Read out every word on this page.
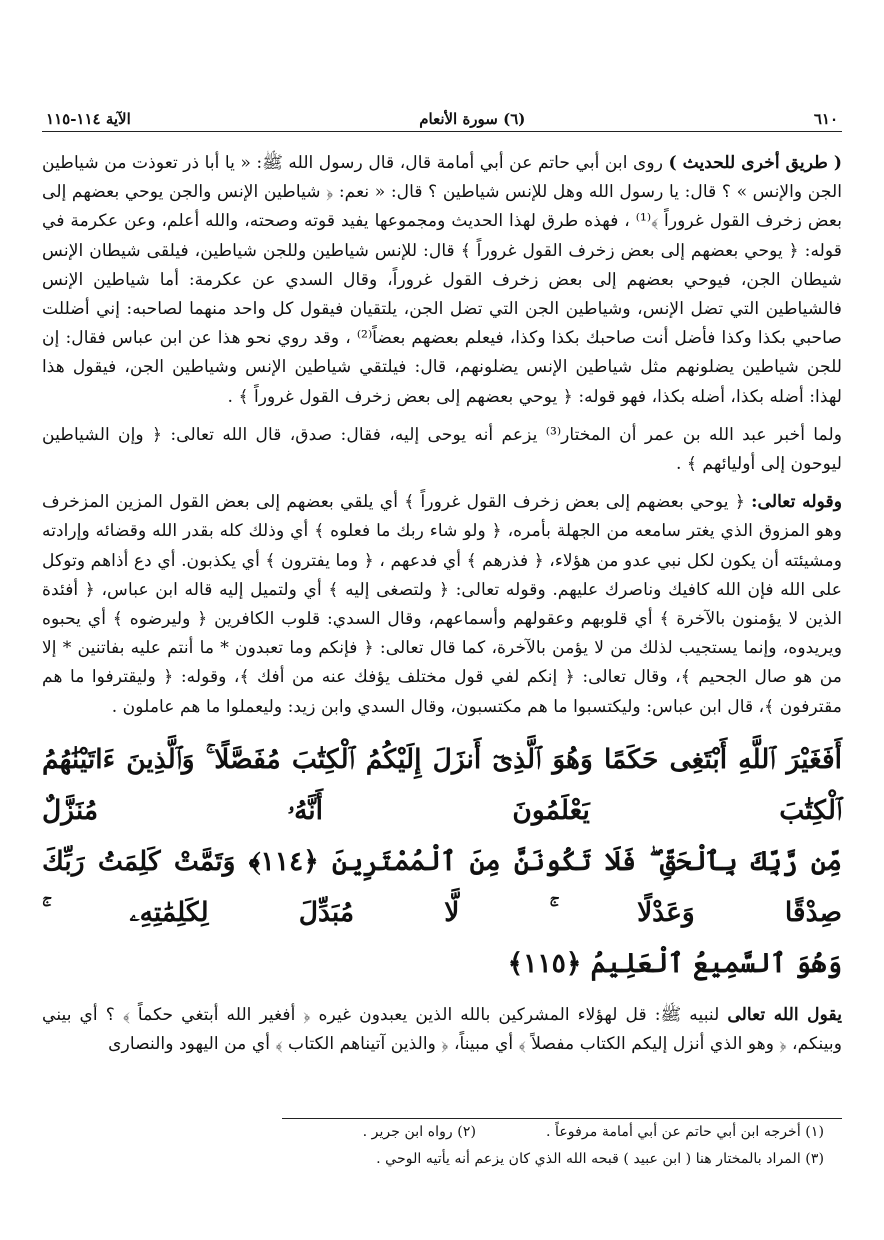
٦١٠
(٦) سورة الأنعام
الآية ١١٤-١١٥

( طريق أخرى للحديث ) روى ابن أبي حاتم عن أبي أمامة قال، قال رسول الله ﷺ: « يا أبا ذر تعوذت من شياطين الجن والإنس » ؟ قال: يا رسول الله وهل للإنس شياطين ؟ قال: « نعم: ﴿ شياطين الإنس والجن يوحي بعضهم إلى بعض زخرف القول غروراً ﴾⁽¹⁾ ، فهذه طرق لهذا الحديث ومجموعها يفيد قوته وصحته، والله أعلم، وعن عكرمة في قوله: ﴿ يوحي بعضهم إلى بعض زخرف القول غروراً ﴾ قال: للإنس شياطين وللجن شياطين، فيلقى شيطان الإنس شيطان الجن، فيوحي بعضهم إلى بعض زخرف القول غروراً، وقال السدي عن عكرمة: أما شياطين الإنس فالشياطين التي تضل الإنس، وشياطين الجن التي تضل الجن، يلتقيان فيقول كل واحد منهما لصاحبه: إني أضللت صاحبي بكذا وكذا فأضل أنت صاحبك بكذا وكذا، فيعلم بعضهم بعضاً⁽²⁾ ، وقد روي نحو هذا عن ابن عباس فقال: إن للجن شياطين يضلونهم مثل شياطين الإنس يضلونهم، قال: فيلتقي شياطين الإنس وشياطين الجن، فيقول هذا لهذا: أضله بكذا، أضله بكذا، فهو قوله: ﴿ يوحي بعضهم إلى بعض زخرف القول غروراً ﴾ .

ولما أخبر عبد الله بن عمر أن المختار⁽³⁾ يزعم أنه يوحى إليه، فقال: صدق، قال الله تعالى: ﴿ وإن الشياطين ليوحون إلى أوليائهم ﴾ .

وقوله تعالى: ﴿ يوحي بعضهم إلى بعض زخرف القول غروراً ﴾ أي يلقي بعضهم إلى بعض القول المزين المزخرف وهو المزوق الذي يغتر سامعه من الجهلة بأمره، ﴿ ولو شاء ربك ما فعلوه ﴾ أي وذلك كله بقدر الله وقضائه وإرادته ومشيئته أن يكون لكل نبي عدو من هؤلاء، ﴿ فذرهم ﴾ أي فدعهم ، ﴿ وما يفترون ﴾ أي يكذبون. أي دع أذاهم وتوكل على الله فإن الله كافيك وناصرك عليهم. وقوله تعالى: ﴿ ولتصغى إليه ﴾ أي ولتميل إليه قاله ابن عباس، ﴿ أفئدة الذين لا يؤمنون بالآخرة ﴾ أي قلوبهم وعقولهم وأسماعهم، وقال السدي: قلوب الكافرين ﴿ وليرضوه ﴾ أي يحبوه ويريدوه، وإنما يستجيب لذلك من لا يؤمن بالآخرة، كما قال تعالى: ﴿ فإنكم وما تعبدون * ما أنتم عليه بفاتنين * إلا من هو صال الجحيم ﴾، وقال تعالى: ﴿ إنكم لفي قول مختلف يؤفك عنه من أفك ﴾، وقوله: ﴿ وليقترفوا ما هم مقترفون ﴾، قال ابن عباس: وليكتسبوا ما هم مكتسبون، وقال السدي وابن زيد: وليعملوا ما هم عاملون .

أَفَغَيْرَ ٱللَّهِ أَبْتَغِى حَكَمًا وَهُوَ ٱلَّذِىٓ أَنزَلَ إِلَيْكُمُ ٱلْكِتَٰبَ مُفَصَّلًا ۚ وَٱلَّذِينَ ءَاتَيْنَٰهُمُ ٱلْكِتَٰبَ يَعْلَمُونَ أَنَّهُۥ مُنَزَّلٌ

مِّن رَّبِّكَ بِٱلْحَقِّ ۖ فَلَا تَكُونَنَّ مِنَ ٱلْمُمْتَرِينَ ﴿١١٤﴾ وَتَمَّتْ كَلِمَتُ رَبِّكَ صِدْقًا وَعَدْلًا ۚ لَّا مُبَدِّلَ لِكَلِمَٰتِهِۦ ۚ

وَهُوَ ٱلسَّمِيعُ ٱلْعَلِيمُ ﴿١١٥﴾

يقول الله تعالى لنبيه ﷺ: قل لهؤلاء المشركين بالله الذين يعبدون غيره ﴿ أفغير الله أبتغي حكماً ﴾ ؟ أي بيني وبينكم، ﴿ وهو الذي أنزل إليكم الكتاب مفصلاً ﴾ أي مبيناً، ﴿ والذين آتيناهم الكتاب ﴾ أي من اليهود والنصارى

(١) أخرجه ابن أبي حاتم عن أبي أمامة مرفوعاً .(٢) رواه ابن جرير .

(٣) المراد بالمختار هنا ( ابن عبيد ) قبحه الله الذي كان يزعم أنه يأتيه الوحي .
